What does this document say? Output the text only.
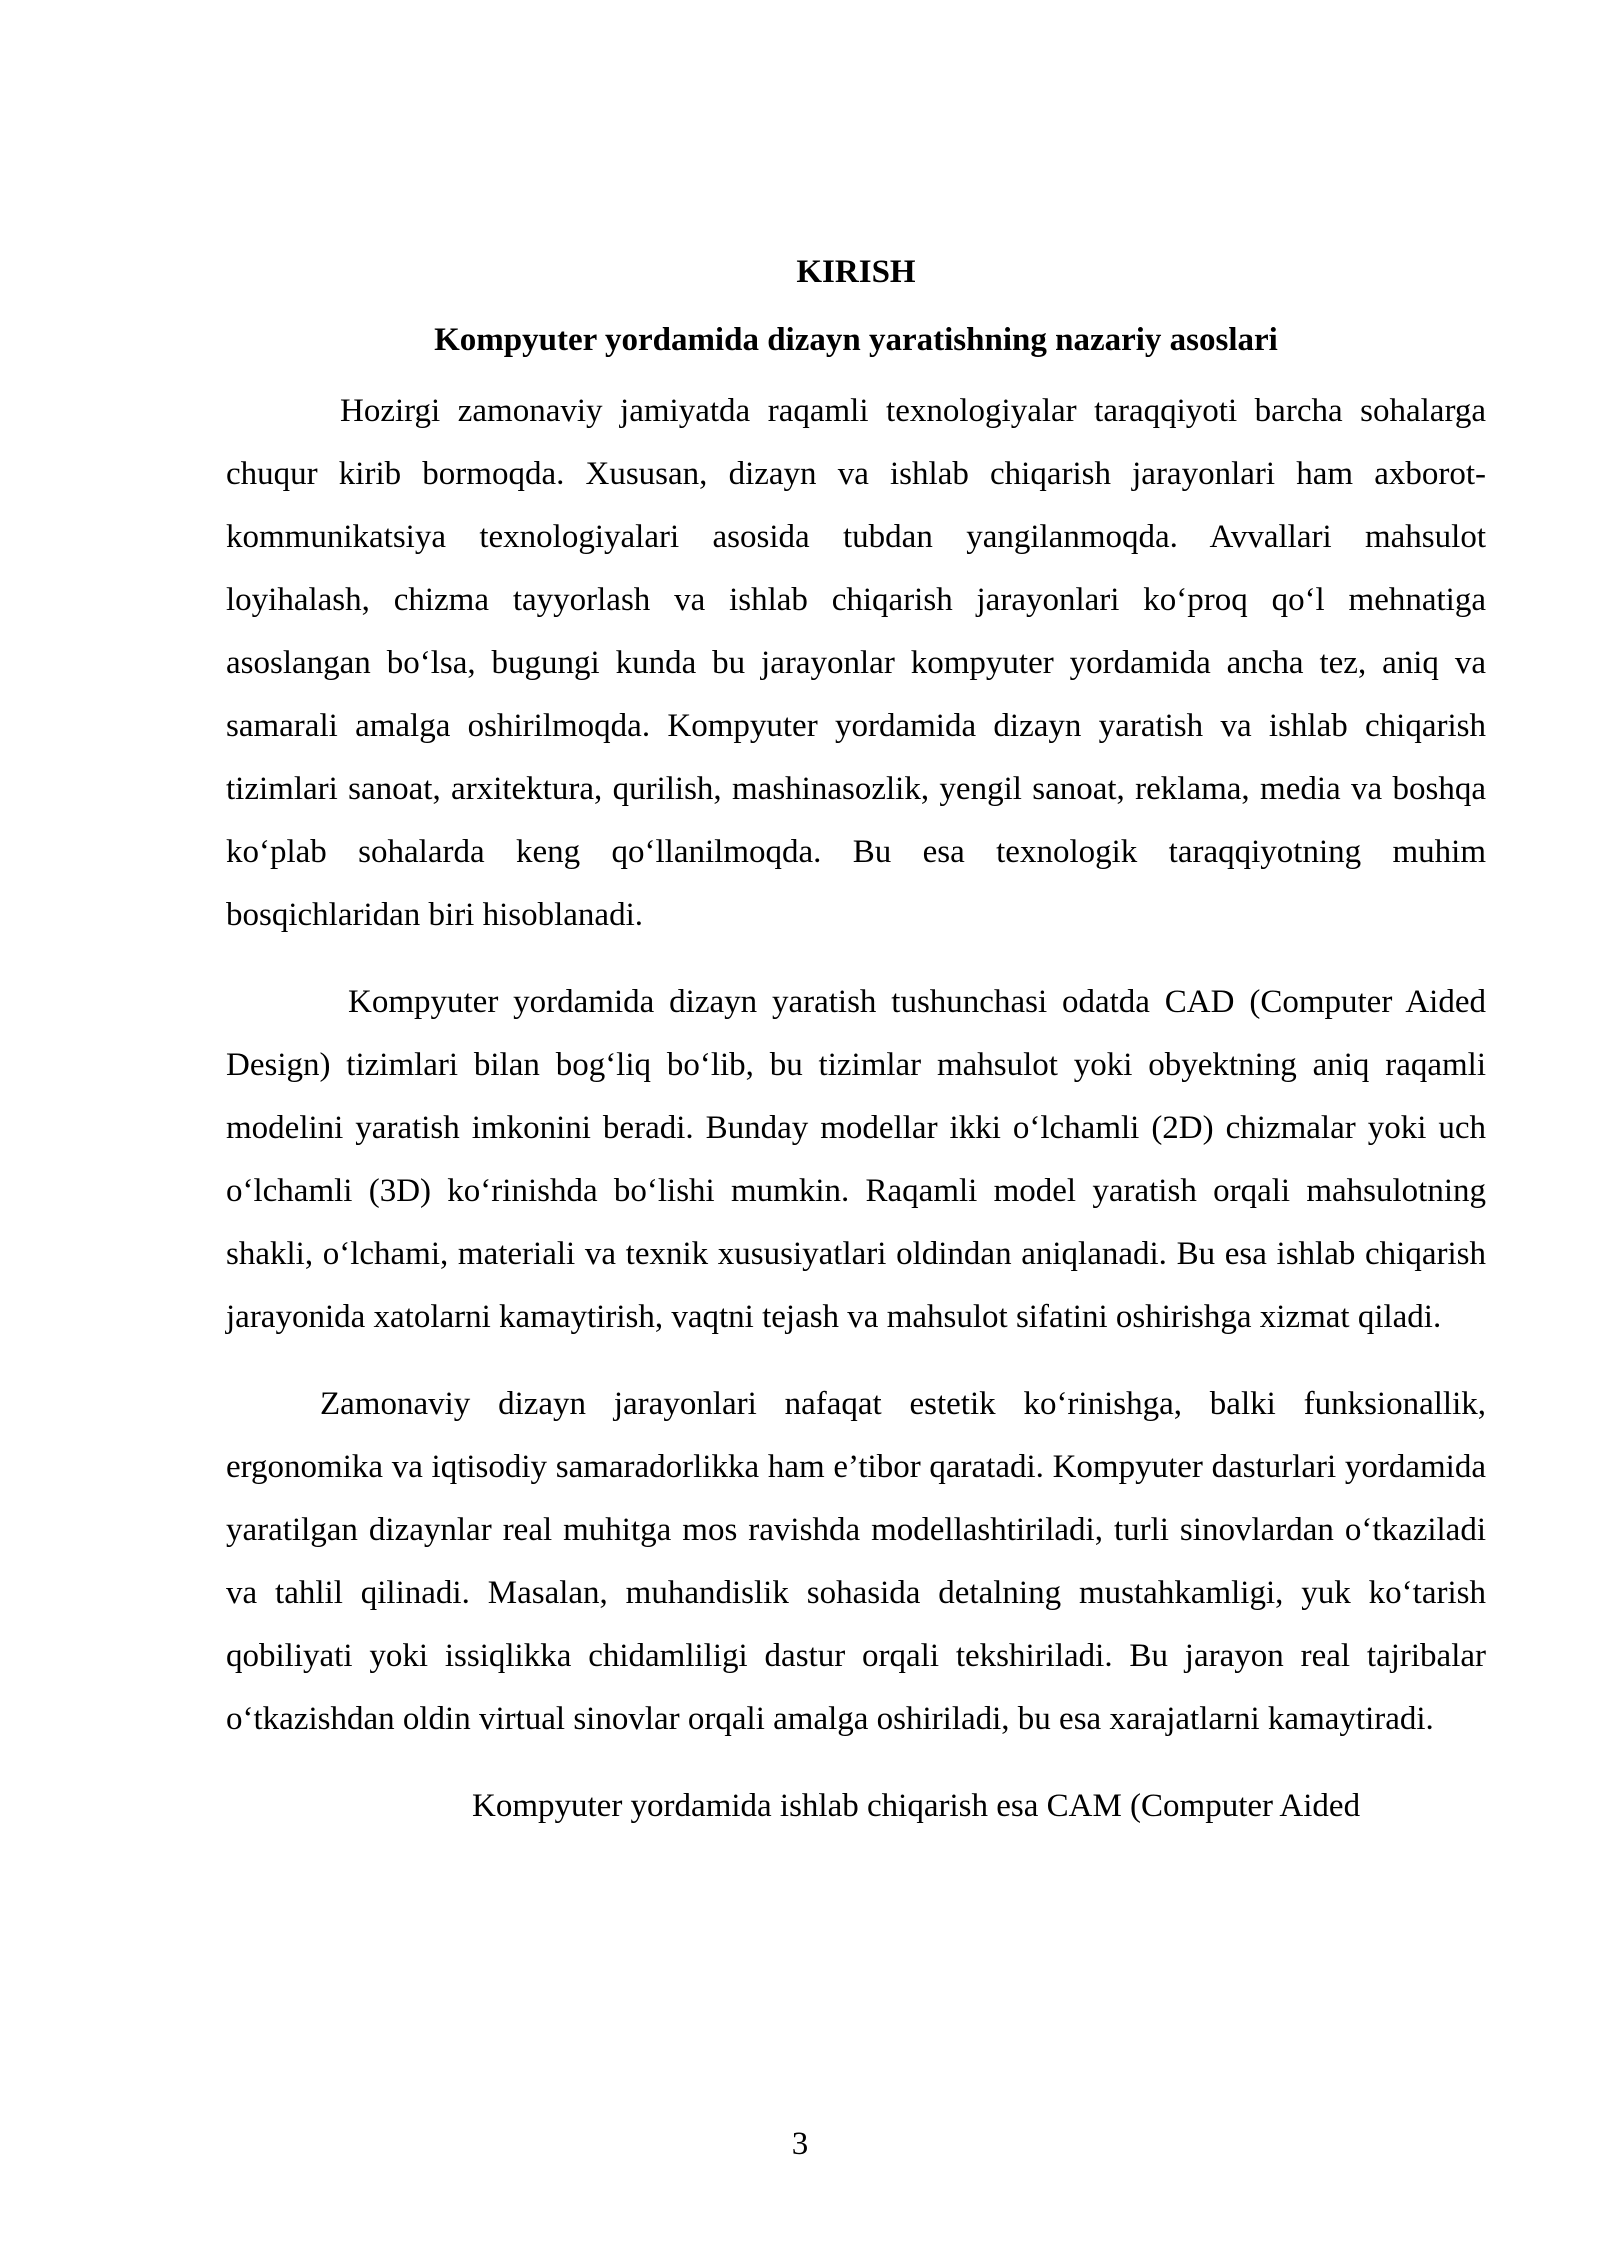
KIRISH
Kompyuter yordamida dizayn yaratishning nazariy asoslari

Hozirgi zamonaviy jamiyatda raqamli texnologiyalar taraqqiyoti barcha sohalarga chuqur kirib bormoqda. Xususan, dizayn va ishlab chiqarish jarayonlari ham axborot-kommunikatsiya texnologiyalari asosida tubdan yangilanmoqda. Avvallari mahsulot loyihalash, chizma tayyorlash va ishlab chiqarish jarayonlari ko‘proq qo‘l mehnatiga asoslangan bo‘lsa, bugungi kunda bu jarayonlar kompyuter yordamida ancha tez, aniq va samarali amalga oshirilmoqda. Kompyuter yordamida dizayn yaratish va ishlab chiqarish tizimlari sanoat, arxitektura, qurilish, mashinasozlik, yengil sanoat, reklama, media va boshqa ko‘plab sohalarda keng qo‘llanilmoqda. Bu esa texnologik taraqqiyotning muhim bosqichlaridan biri hisoblanadi.

Kompyuter yordamida dizayn yaratish tushunchasi odatda CAD (Computer Aided Design) tizimlari bilan bog‘liq bo‘lib, bu tizimlar mahsulot yoki obyektning aniq raqamli modelini yaratish imkonini beradi. Bunday modellar ikki o‘lchamli (2D) chizmalar yoki uch o‘lchamli (3D) ko‘rinishda bo‘lishi mumkin. Raqamli model yaratish orqali mahsulotning shakli, o‘lchami, materiali va texnik xususiyatlari oldindan aniqlanadi. Bu esa ishlab chiqarish jarayonida xatolarni kamaytirish, vaqtni tejash va mahsulot sifatini oshirishga xizmat qiladi.

Zamonaviy dizayn jarayonlari nafaqat estetik ko‘rinishga, balki funksionallik, ergonomika va iqtisodiy samaradorlikka ham e’tibor qaratadi. Kompyuter dasturlari yordamida yaratilgan dizaynlar real muhitga mos ravishda modellashtiriladi, turli sinovlardan o‘tkaziladi va tahlil qilinadi. Masalan, muhandislik sohasida detalning mustahkamligi, yuk ko‘tarish qobiliyati yoki issiqlikka chidamliligi dastur orqali tekshiriladi. Bu jarayon real tajribalar o‘tkazishdan oldin virtual sinovlar orqali amalga oshiriladi, bu esa xarajatlarni kamaytiradi.

Kompyuter yordamida ishlab chiqarish esa CAM (Computer Aided

3
